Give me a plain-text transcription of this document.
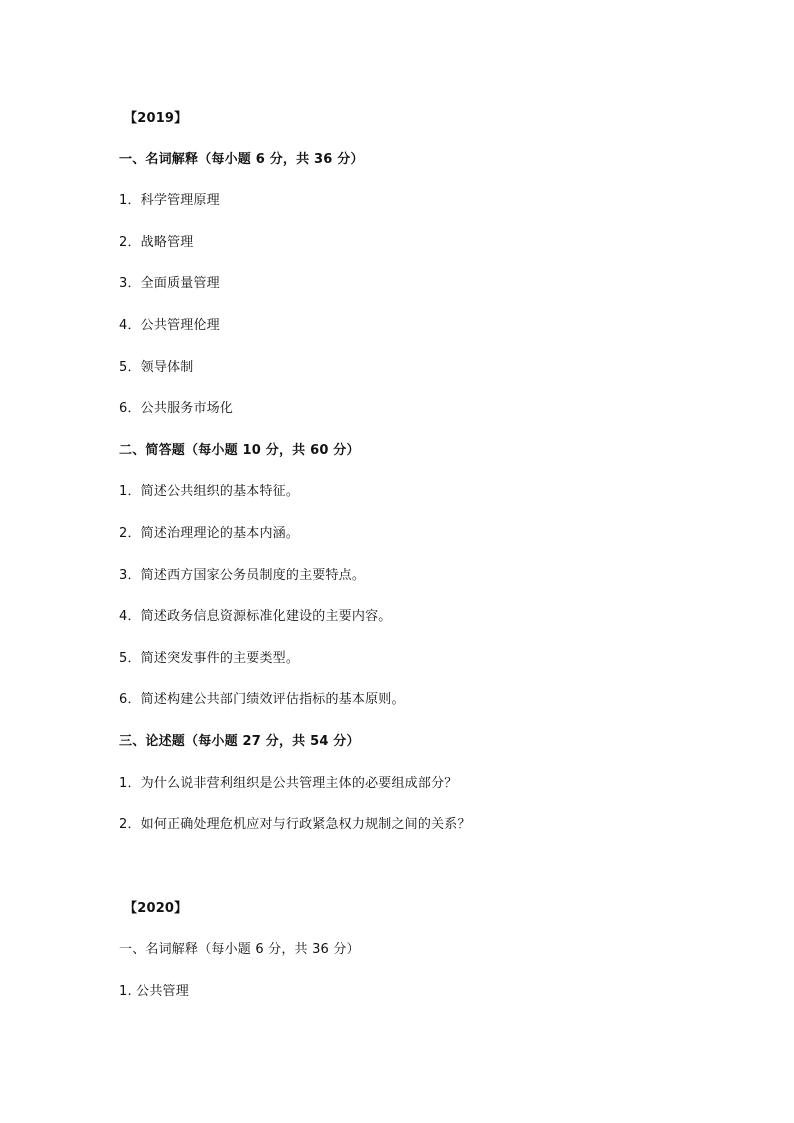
【2019】
一、名词解释（每小题 6 分，共 36 分）
1．科学管理原理
2．战略管理
3．全面质量管理
4．公共管理伦理
5．领导体制
6．公共服务市场化
二、简答题（每小题 10 分，共 60 分）
1．简述公共组织的基本特征。
2．简述治理理论的基本内涵。
3．简述西方国家公务员制度的主要特点。
4．简述政务信息资源标准化建设的主要内容。
5．简述突发事件的主要类型。
6．简述构建公共部门绩效评估指标的基本原则。
三、论述题（每小题 27 分，共 54 分）
1．为什么说非营利组织是公共管理主体的必要组成部分？
2．如何正确处理危机应对与行政紧急权力规制之间的关系？
【2020】
一、名词解释（每小题 6 分，共 36 分）
1. 公共管理
